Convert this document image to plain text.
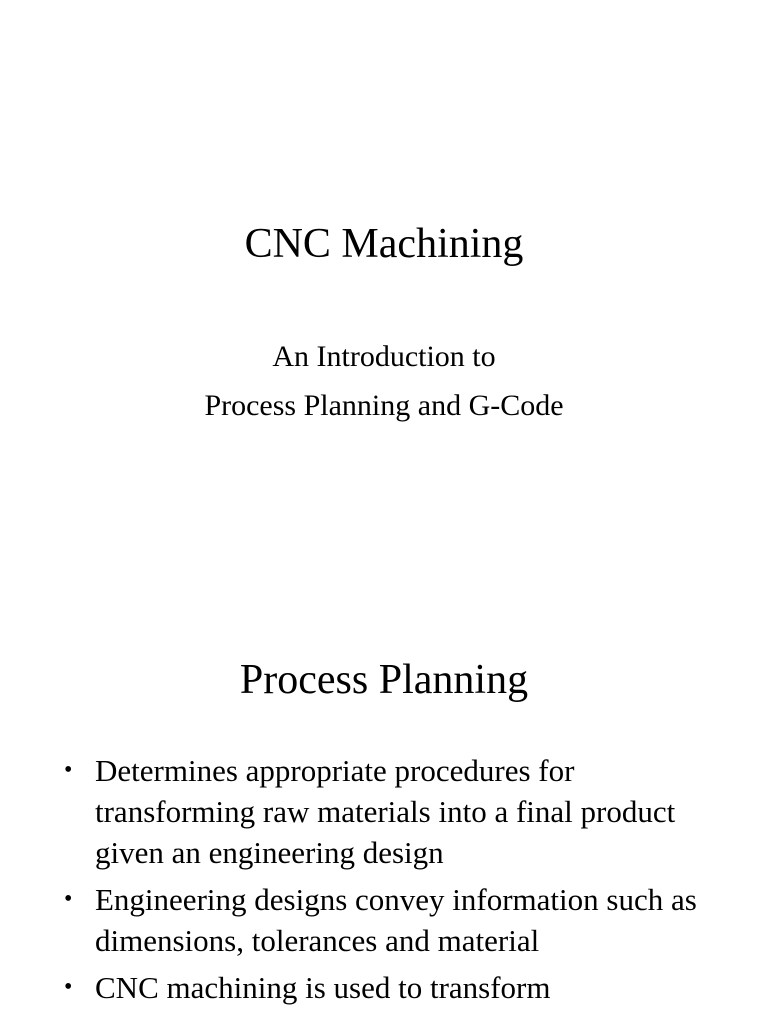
CNC Machining
An Introduction to
Process Planning and G-Code
Process Planning
• Determines appropriate procedures for transforming raw materials into a final product given an engineering design
• Engineering designs convey information such as dimensions, tolerances and material
• CNC machining is used to transform
